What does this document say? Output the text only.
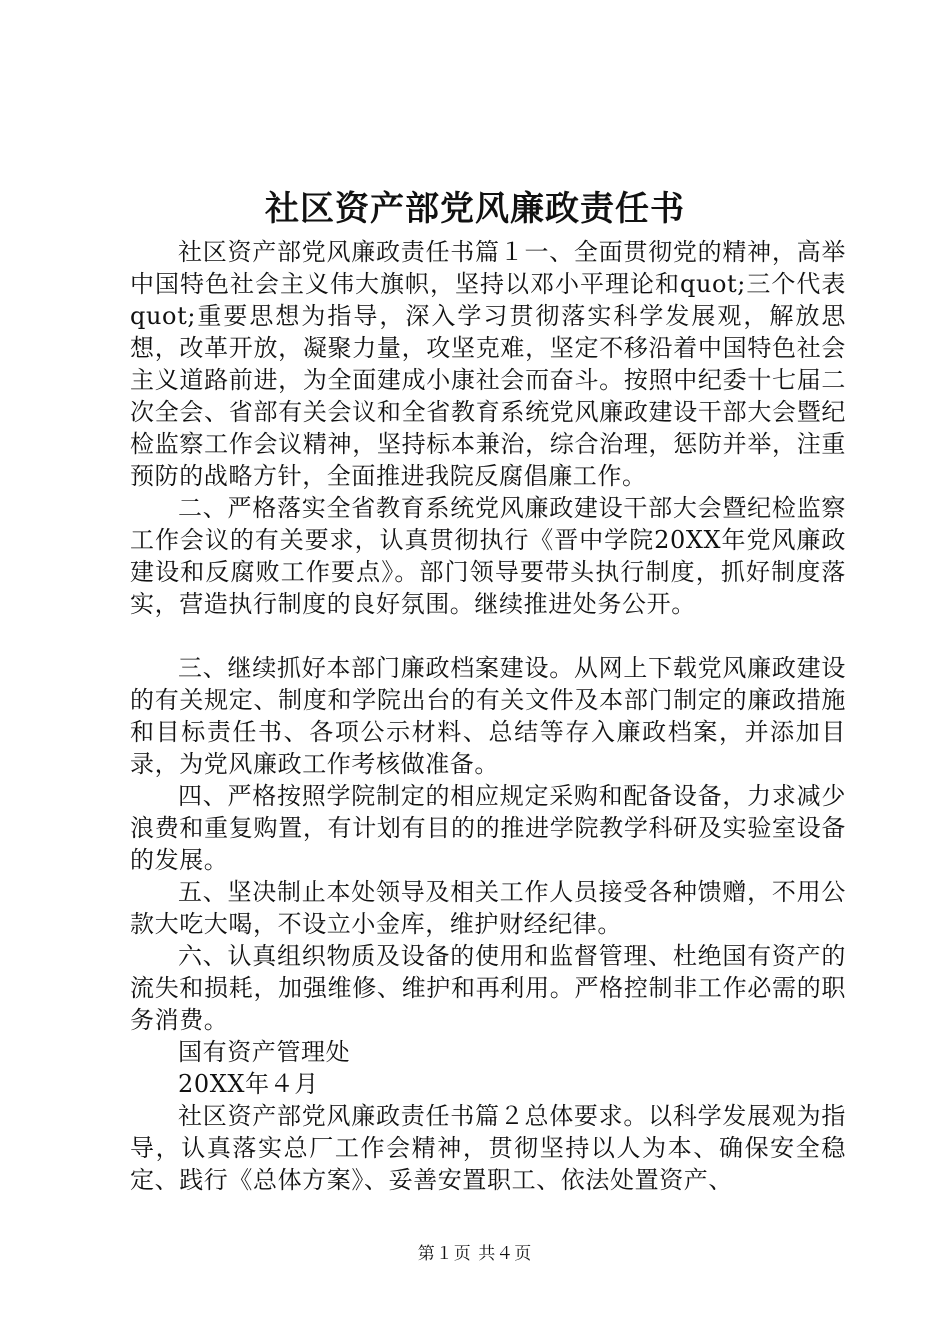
社区资产部党风廉政责任书

社区资产部党风廉政责任书篇１一、全面贯彻党的精神，高举中国特色社会主义伟大旗帜，坚持以邓小平理论和quot;三个代表quot;重要思想为指导，深入学习贯彻落实科学发展观，解放思想，改革开放，凝聚力量，攻坚克难，坚定不移沿着中国特色社会主义道路前进，为全面建成小康社会而奋斗。按照中纪委十七届二次全会、省部有关会议和全省教育系统党风廉政建设干部大会暨纪检监察工作会议精神，坚持标本兼治，综合治理，惩防并举，注重预防的战略方针，全面推进我院反腐倡廉工作。

二、严格落实全省教育系统党风廉政建设干部大会暨纪检监察工作会议的有关要求，认真贯彻执行《晋中学院20XX年党风廉政建设和反腐败工作要点》。部门领导要带头执行制度，抓好制度落实，营造执行制度的良好氛围。继续推进处务公开。

三、继续抓好本部门廉政档案建设。从网上下载党风廉政建设的有关规定、制度和学院出台的有关文件及本部门制定的廉政措施和目标责任书、各项公示材料、总结等存入廉政档案，并添加目录，为党风廉政工作考核做准备。

四、严格按照学院制定的相应规定采购和配备设备，力求减少浪费和重复购置，有计划有目的的推进学院教学科研及实验室设备的发展。

五、坚决制止本处领导及相关工作人员接受各种馈赠，不用公款大吃大喝，不设立小金库，维护财经纪律。

六、认真组织物质及设备的使用和监督管理、杜绝国有资产的流失和损耗，加强维修、维护和再利用。严格控制非工作必需的职务消费。

国有资产管理处

20XX年４月

社区资产部党风廉政责任书篇２总体要求。以科学发展观为指导，认真落实总厂工作会精神，贯彻坚持以人为本、确保安全稳定、践行《总体方案》、妥善安置职工、依法处置资产、

第１页 共４页
